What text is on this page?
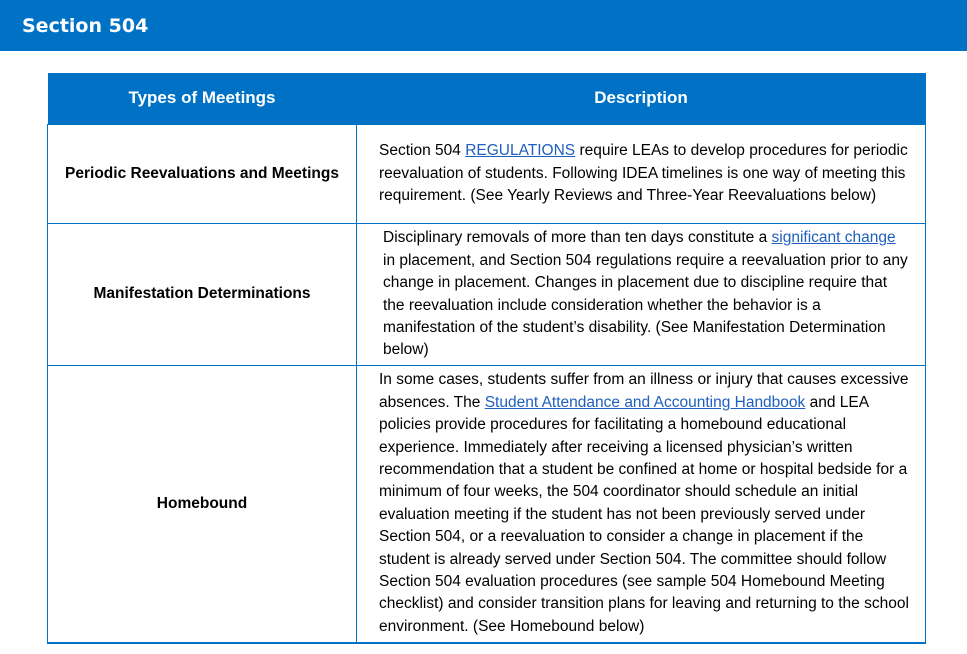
Section 504
Types of Meetings	Description
Periodic Reevaluations and Meetings	Section 504 REGULATIONS require LEAs to develop procedures for periodic reevaluation of students. Following IDEA timelines is one way of meeting this requirement. (See Yearly Reviews and Three-Year Reevaluations below)
Manifestation Determinations	Disciplinary removals of more than ten days constitute a significant change in placement, and Section 504 regulations require a reevaluation prior to any change in placement. Changes in placement due to discipline require that the reevaluation include consideration whether the behavior is a manifestation of the student’s disability. (See Manifestation Determination below)
Homebound	In some cases, students suffer from an illness or injury that causes excessive absences. The Student Attendance and Accounting Handbook and LEA policies provide procedures for facilitating a homebound educational experience. Immediately after receiving a licensed physician’s written recommendation that a student be confined at home or hospital bedside for a minimum of four weeks, the 504 coordinator should schedule an initial evaluation meeting if the student has not been previously served under Section 504, or a reevaluation to consider a change in placement if the student is already served under Section 504. The committee should follow Section 504 evaluation procedures (see sample 504 Homebound Meeting checklist) and consider transition plans for leaving and returning to the school environment. (See Homebound below)
